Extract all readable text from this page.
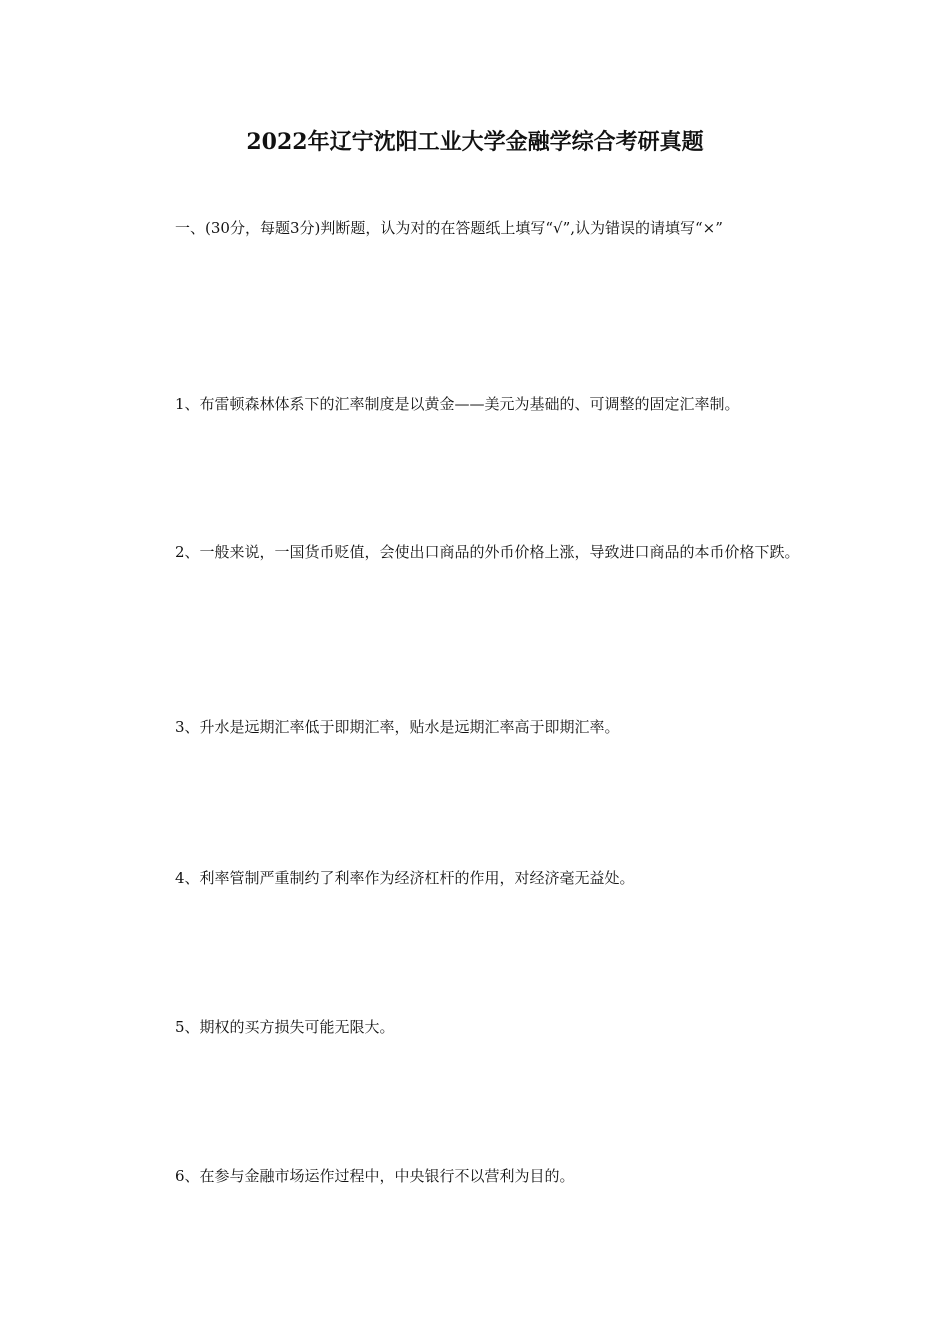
2022年辽宁沈阳工业大学金融学综合考研真题
一、(30分，每题3分)判断题，认为对的在答题纸上填写“√”,认为错误的请填写“×”
1、布雷顿森林体系下的汇率制度是以黄金——美元为基础的、可调整的固定汇率制。
2、一般来说，一国货币贬值，会使出口商品的外币价格上涨，导致进口商品的本币价格下跌。
3、升水是远期汇率低于即期汇率，贴水是远期汇率高于即期汇率。
4、利率管制严重制约了利率作为经济杠杆的作用，对经济毫无益处。
5、期权的买方损失可能无限大。
6、在参与金融市场运作过程中，中央银行不以营利为目的。
